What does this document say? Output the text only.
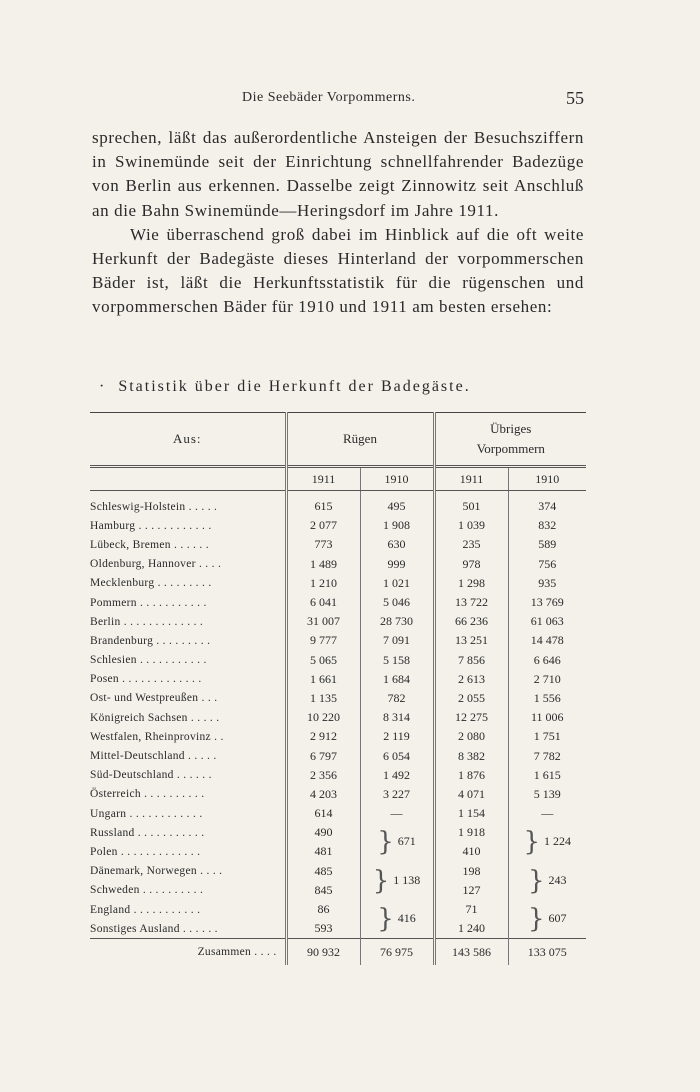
Die Seebäder Vorpommerns.	55

sprechen, läßt das außerordentliche Ansteigen der Besuchsziffern in Swinemünde seit der Einrichtung schnellfahrender Badezüge von Berlin aus erkennen. Dasselbe zeigt Zinnowitz seit Anschluß an die Bahn Swinemünde—Heringsdorf im Jahre 1911.

Wie überraschend groß dabei im Hinblick auf die oft weite Herkunft der Badegäste dieses Hinterland der vorpommerschen Bäder ist, läßt die Herkunftsstatistik für die rügenschen und vorpommerschen Bäder für 1910 und 1911 am besten ersehen:

· Statistik über die Herkunft der Badegäste.
Aus:	Rügen		Übriges
Vorpommern	

	1911	1910	1911	1910
Schleswig-Holstein . . . . .	615	495	501	374
Hamburg . . . . . . . . . . . .	2 077	1 908	1 039	832
Lübeck, Bremen . . . . . .	773	630	235	589
Oldenburg, Hannover . . . .	1 489	999	978	756
Mecklenburg . . . . . . . . .	1 210	1 021	1 298	935
Pommern . . . . . . . . . . .	6 041	5 046	13 722	13 769
Berlin . . . . . . . . . . . . .	31 007	28 730	66 236	61 063
Brandenburg . . . . . . . . .	9 777	7 091	13 251	14 478
Schlesien . . . . . . . . . . .	5 065	5 158	7 856	6 646
Posen . . . . . . . . . . . . .	1 661	1 684	2 613	2 710
Ost- und Westpreußen . . .	1 135	782	2 055	1 556
Königreich Sachsen . . . . .	10 220	8 314	12 275	11 006
Westfalen, Rheinprovinz . .	2 912	2 119	2 080	1 751
Mittel-Deutschland . . . . .	6 797	6 054	8 382	7 782
Süd-Deutschland . . . . . .	2 356	1 492	1 876	1 615
Österreich . . . . . . . . . .	4 203	3 227	4 071	5 139
Ungarn . . . . . . . . . . . .	614	—	1 154	—
Russland . . . . . . . . . . .	490	} 671	1 918	} 1 224
Polen . . . . . . . . . . . . .	481		410	
Dänemark, Norwegen . . . .	485	} 1 138	198	} 243
Schweden . . . . . . . . . .	845		127	
England . . . . . . . . . . .	86	} 416	71	} 607
Sonstiges Ausland . . . . . .	593		1 240	
Zusammen . . . .	90 932	76 975	143 586	133 075
